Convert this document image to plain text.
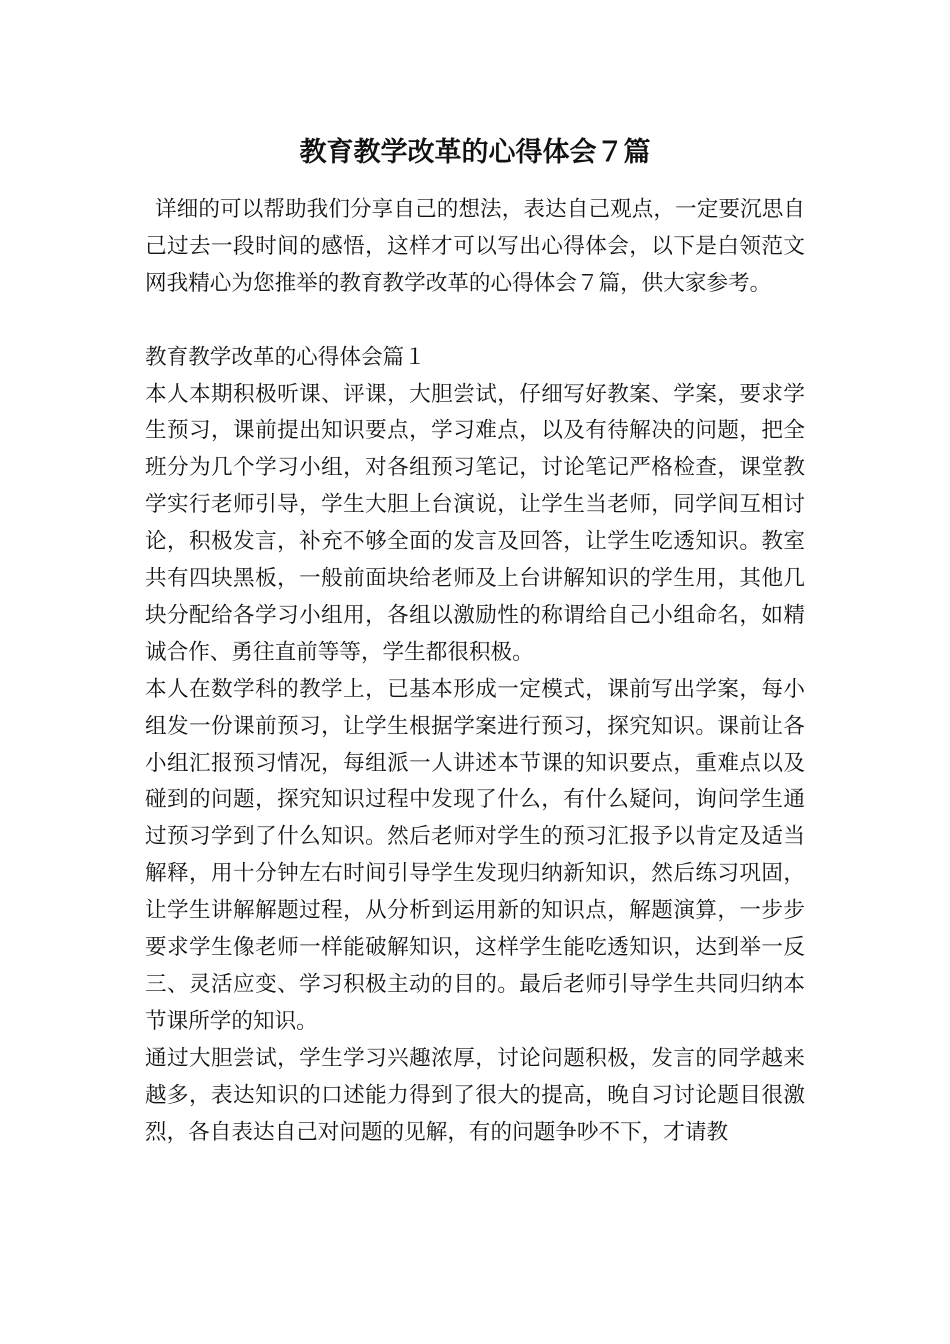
教育教学改革的心得体会７篇

详细的可以帮助我们分享自己的想法，表达自己观点，一定要沉思自己过去一段时间的感悟，这样才可以写出心得体会，以下是白领范文网我精心为您推举的教育教学改革的心得体会７篇，供大家参考。

教育教学改革的心得体会篇１

本人本期积极听课、评课，大胆尝试，仔细写好教案、学案，要求学生预习，课前提出知识要点，学习难点，以及有待解决的问题，把全班分为几个学习小组，对各组预习笔记，讨论笔记严格检查，课堂教学实行老师引导，学生大胆上台演说，让学生当老师，同学间互相讨论，积极发言，补充不够全面的发言及回答，让学生吃透知识。教室共有四块黑板，一般前面块给老师及上台讲解知识的学生用，其他几块分配给各学习小组用，各组以激励性的称谓给自己小组命名，如精诚合作、勇往直前等等，学生都很积极。

本人在数学科的教学上，已基本形成一定模式，课前写出学案，每小组发一份课前预习，让学生根据学案进行预习，探究知识。课前让各小组汇报预习情况，每组派一人讲述本节课的知识要点，重难点以及碰到的问题，探究知识过程中发现了什么，有什么疑问，询问学生通过预习学到了什么知识。然后老师对学生的预习汇报予以肯定及适当解释，用十分钟左右时间引导学生发现归纳新知识，然后练习巩固，让学生讲解解题过程，从分析到运用新的知识点，解题演算，一步步要求学生像老师一样能破解知识，这样学生能吃透知识，达到举一反三、灵活应变、学习积极主动的目的。最后老师引导学生共同归纳本节课所学的知识。

通过大胆尝试，学生学习兴趣浓厚，讨论问题积极，发言的同学越来越多，表达知识的口述能力得到了很大的提高，晚自习讨论题目很激烈，各自表达自己对问题的见解，有的问题争吵不下，才请教
